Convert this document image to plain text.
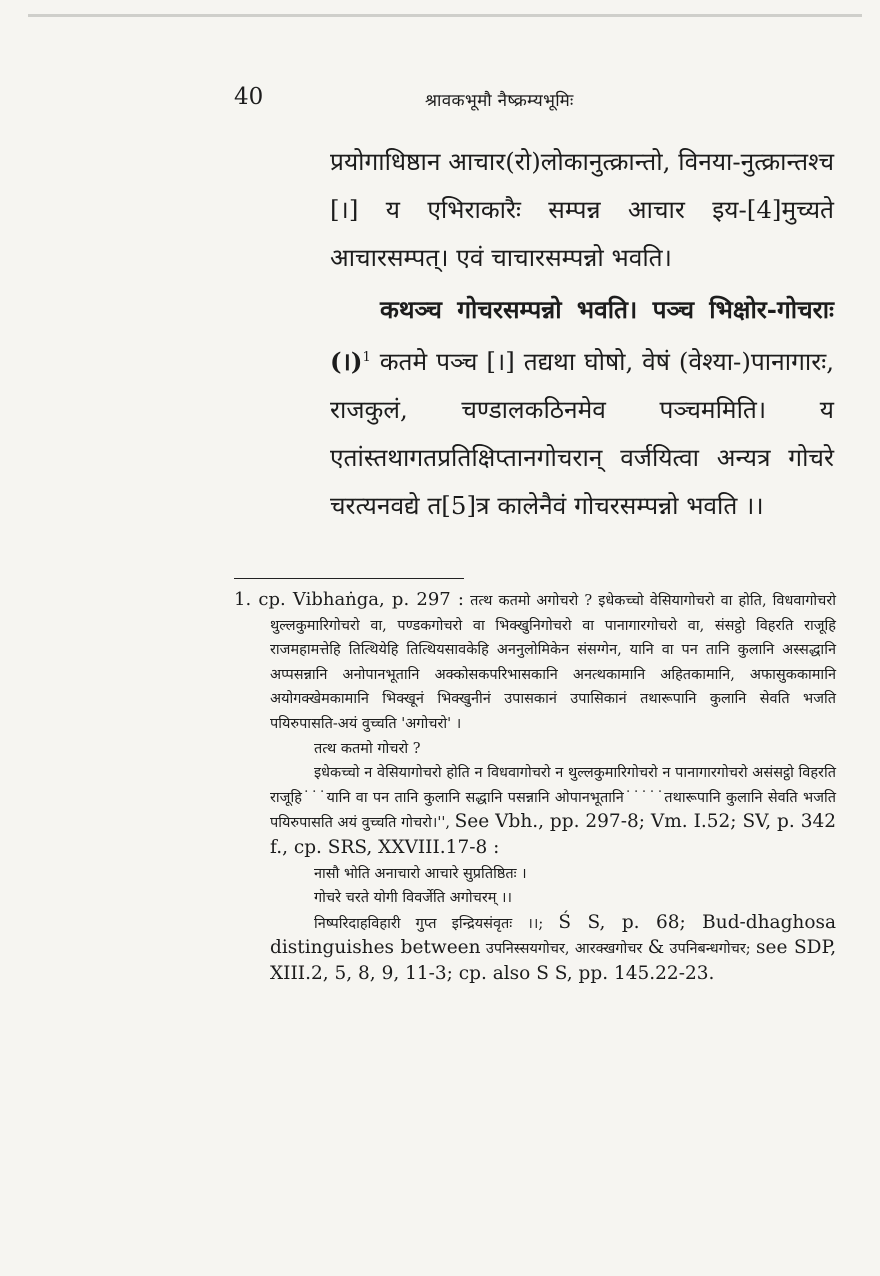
40	श्रावकभूमौ नैष्क्रम्यभूमिः

प्रयोगाधिष्ठान आचार(रो)लोकानुत्क्रान्तो, विनया-नुत्क्रान्तश्च [।] य एभिराकारैः सम्पन्न आचार इय-[4]मुच्यते आचारसम्पत्। एवं चाचारसम्पन्नो भवति।

कथञ्च गोचरसम्पन्नो भवति। पञ्च भिक्षोर-गोचराः (।)$^1$ कतमे पञ्च [।] तद्यथा घोषो, वेषं (वेश्या-)पानागारः, राजकुलं, चण्डालकठिनमेव पञ्चममिति। य एतांस्तथागतप्रतिक्षिप्तानगोचरान् वर्जयित्वा अन्यत्र गोचरे चरत्यनवद्ये त[5]त्र कालेनैवं गोचरसम्पन्नो भवति ।।

1. cp. Vibhaṅga, p. 297 : तत्थ कतमो अगोचरो ? इधेकच्चो वेसियागोचरो वा होति, विधवागोचरो थुल्लकुमारिगोचरो वा, पण्डकगोचरो वा भिक्खुनिगोचरो वा पानागारगोचरो वा, संसट्ठो विहरति राजूहि राजमहामत्तेहि तित्थियेहि तित्थियसावकेहि अननुलोमिकेन संसग्गेन, यानि वा पन तानि कुलानि अस्सद्धानि अप्पसन्नानि अनोपानभूतानि अक्कोसकपरिभासकानि अनत्थकामानि अहितकामानि, अफासुककामानि अयोगक्खेमकामानि भिक्खूनं भिक्खुनीनं उपासकानं उपासिकानं तथारूपानि कुलानि सेवति भजति पयिरुपासति-अयं वुच्चति 'अगोचरो' ।
तत्थ कतमो गोचरो ?
इधेकच्चो न वेसियागोचरो होति न विधवागोचरो न थुल्लकुमारिगोचरो न पानागारगोचरो असंसट्ठो विहरति राजूहि˙˙˙यानि वा पन तानि कुलानि सद्धानि पसन्नानि ओपानभूतानि˙˙˙˙˙तथारूपानि कुलानि सेवति भजति पयिरुपासति अयं वुच्चति गोचरो।'', See Vbh., pp. 297-8; Vm. I.52; SV, p. 342 f., cp. SRS, XXVIII.17-8 :
नासौ भोति अनाचारो आचारे सुप्रतिष्ठितः ।
गोचरे चरते योगी विवर्जेति अगोचरम् ।।
निष्परिदाहविहारी गुप्त इन्द्रियसंवृतः ।।; Ś S, p. 68; Bud-dhaghosa distinguishes between उपनिस्सयगोचर, आरक्खगोचर & उपनिबन्धगोचर; see SDP, XIII.2, 5, 8, 9, 11-3; cp. also S S, pp. 145.22-23.
